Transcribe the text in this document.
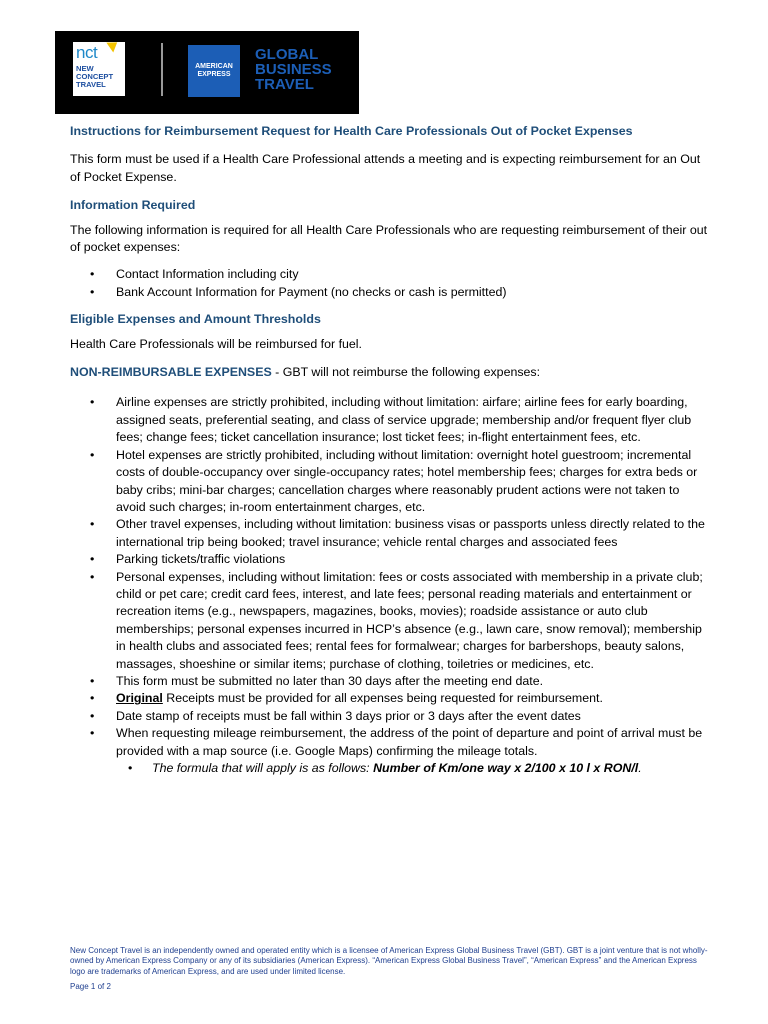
nct
NEW
CONCEPT
TRAVEL
AMERICAN
EXPRESS
GLOBAL
BUSINESS
TRAVEL

Instructions for Reimbursement Request for Health Care Professionals Out of Pocket Expenses

This form must be used if a Health Care Professional attends a meeting and is expecting reimbursement for an Out of Pocket Expense.

Information Required

The following information is required for all Health Care Professionals who are requesting reimbursement of their out of pocket expenses:

• Contact Information including city
• Bank Account Information for Payment (no checks or cash is permitted)

Eligible Expenses and Amount Thresholds

Health Care Professionals will be reimbursed for fuel.

NON-REIMBURSABLE EXPENSES - GBT will not reimburse the following expenses:

• Airline expenses are strictly prohibited, including without limitation: airfare; airline fees for early boarding, assigned seats, preferential seating, and class of service upgrade; membership and/or frequent flyer club fees; change fees; ticket cancellation insurance; lost ticket fees; in-flight entertainment fees, etc.
• Hotel expenses are strictly prohibited, including without limitation: overnight hotel guestroom; incremental costs of double-occupancy over single-occupancy rates; hotel membership fees; charges for extra beds or baby cribs; mini-bar charges; cancellation charges where reasonably prudent actions were not taken to avoid such charges; in-room entertainment charges, etc.
• Other travel expenses, including without limitation: business visas or passports unless directly related to the international trip being booked; travel insurance; vehicle rental charges and associated fees
• Parking tickets/traffic violations
• Personal expenses, including without limitation: fees or costs associated with membership in a private club; child or pet care; credit card fees, interest, and late fees; personal reading materials and entertainment or recreation items (e.g., newspapers, magazines, books, movies); roadside assistance or auto club memberships; personal expenses incurred in HCP’s absence (e.g., lawn care, snow removal); membership in health clubs and associated fees; rental fees for formalwear; charges for barbershops, beauty salons, massages, shoeshine or similar items; purchase of clothing, toiletries or medicines, etc.
• This form must be submitted no later than 30 days after the meeting end date.
• Original Receipts must be provided for all expenses being requested for reimbursement.
• Date stamp of receipts must be fall within 3 days prior or 3 days after the event dates
• When requesting mileage reimbursement, the address of the point of departure and point of arrival must be provided with a map source (i.e. Google Maps) confirming the mileage totals.
• The formula that will apply is as follows: Number of Km/one way x 2/100 x 10 l x RON/l.
New Concept Travel is an independently owned and operated entity which is a licensee of American Express Global Business Travel (GBT). GBT is a joint venture that is not wholly-owned by American Express Company or any of its subsidiaries (American Express). “American Express Global Business Travel”, “American Express” and the American Express logo are trademarks of American Express, and are used under limited license.
Page 1 of 2
